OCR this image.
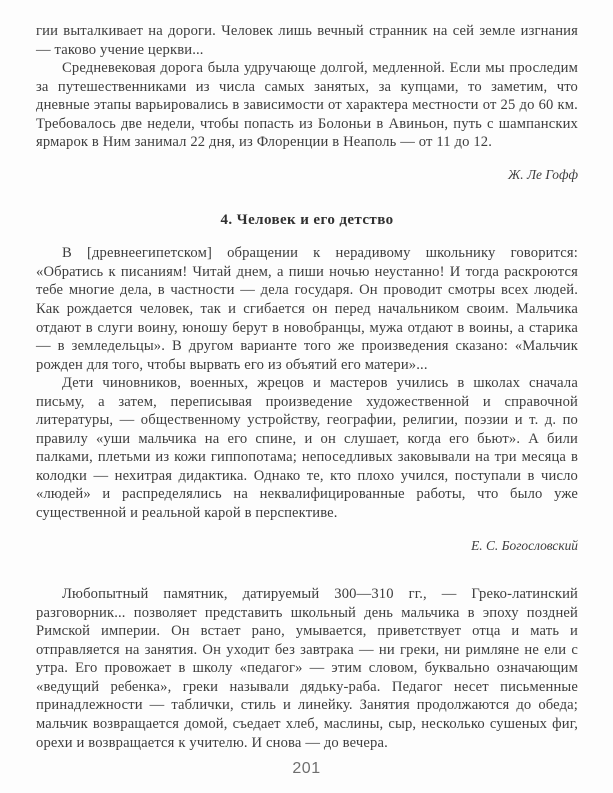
гии выталкивает на дороги. Человек лишь вечный странник на сей земле изгнания — таково учение церкви...

Средневековая дорога была удручающе долгой, медленной. Если мы проследим за путешественниками из числа самых занятых, за купцами, то заметим, что дневные этапы варьировались в зависимости от характера местности от 25 до 60 км. Требовалось две недели, чтобы попасть из Болоньи в Авиньон, путь с шампанских ярмарок в Ним занимал 22 дня, из Флоренции в Неаполь — от 11 до 12.

Ж. Ле Гофф

4. Человек и его детство

В [древнеегипетском] обращении к нерадивому школьнику говорится: «Обратись к писаниям! Читай днем, а пиши ночью неустанно! И тогда раскроются тебе многие дела, в частности — дела государя. Он проводит смотры всех людей. Как рождается человек, так и сгибается он перед начальником своим. Мальчика отдают в слуги воину, юношу берут в новобранцы, мужа отдают в воины, а старика — в земледельцы». В другом варианте того же произведения сказано: «Мальчик рожден для того, чтобы вырвать его из объятий его матери»...

Дети чиновников, военных, жрецов и мастеров учились в школах сначала письму, а затем, переписывая произведение художественной и справочной литературы, — общественному устройству, географии, религии, поэзии и т. д. по правилу «уши мальчика на его спине, и он слушает, когда его бьют». А били палками, плетьми из кожи гиппопотама; непоседливых заковывали на три месяца в колодки — нехитрая дидактика. Однако те, кто плохо учился, поступали в число «людей» и распределялись на неквалифицированные работы, что было уже существенной и реальной карой в перспективе.

Е. С. Богословский

Любопытный памятник, датируемый 300—310 гг., — Греко-латинский разговорник... позволяет представить школьный день мальчика в эпоху поздней Римской империи. Он встает рано, умывается, приветствует отца и мать и отправляется на занятия. Он уходит без завтрака — ни греки, ни римляне не ели с утра. Его провожает в школу «педагог» — этим словом, буквально означающим «ведущий ребенка», греки называли дядьку-раба. Педагог несет письменные принадлежности — таблички, стиль и линейку. Занятия продолжаются до обеда; мальчик возвращается домой, съедает хлеб, маслины, сыр, несколько сушеных фиг, орехи и возвращается к учителю. И снова — до вечера.

201
